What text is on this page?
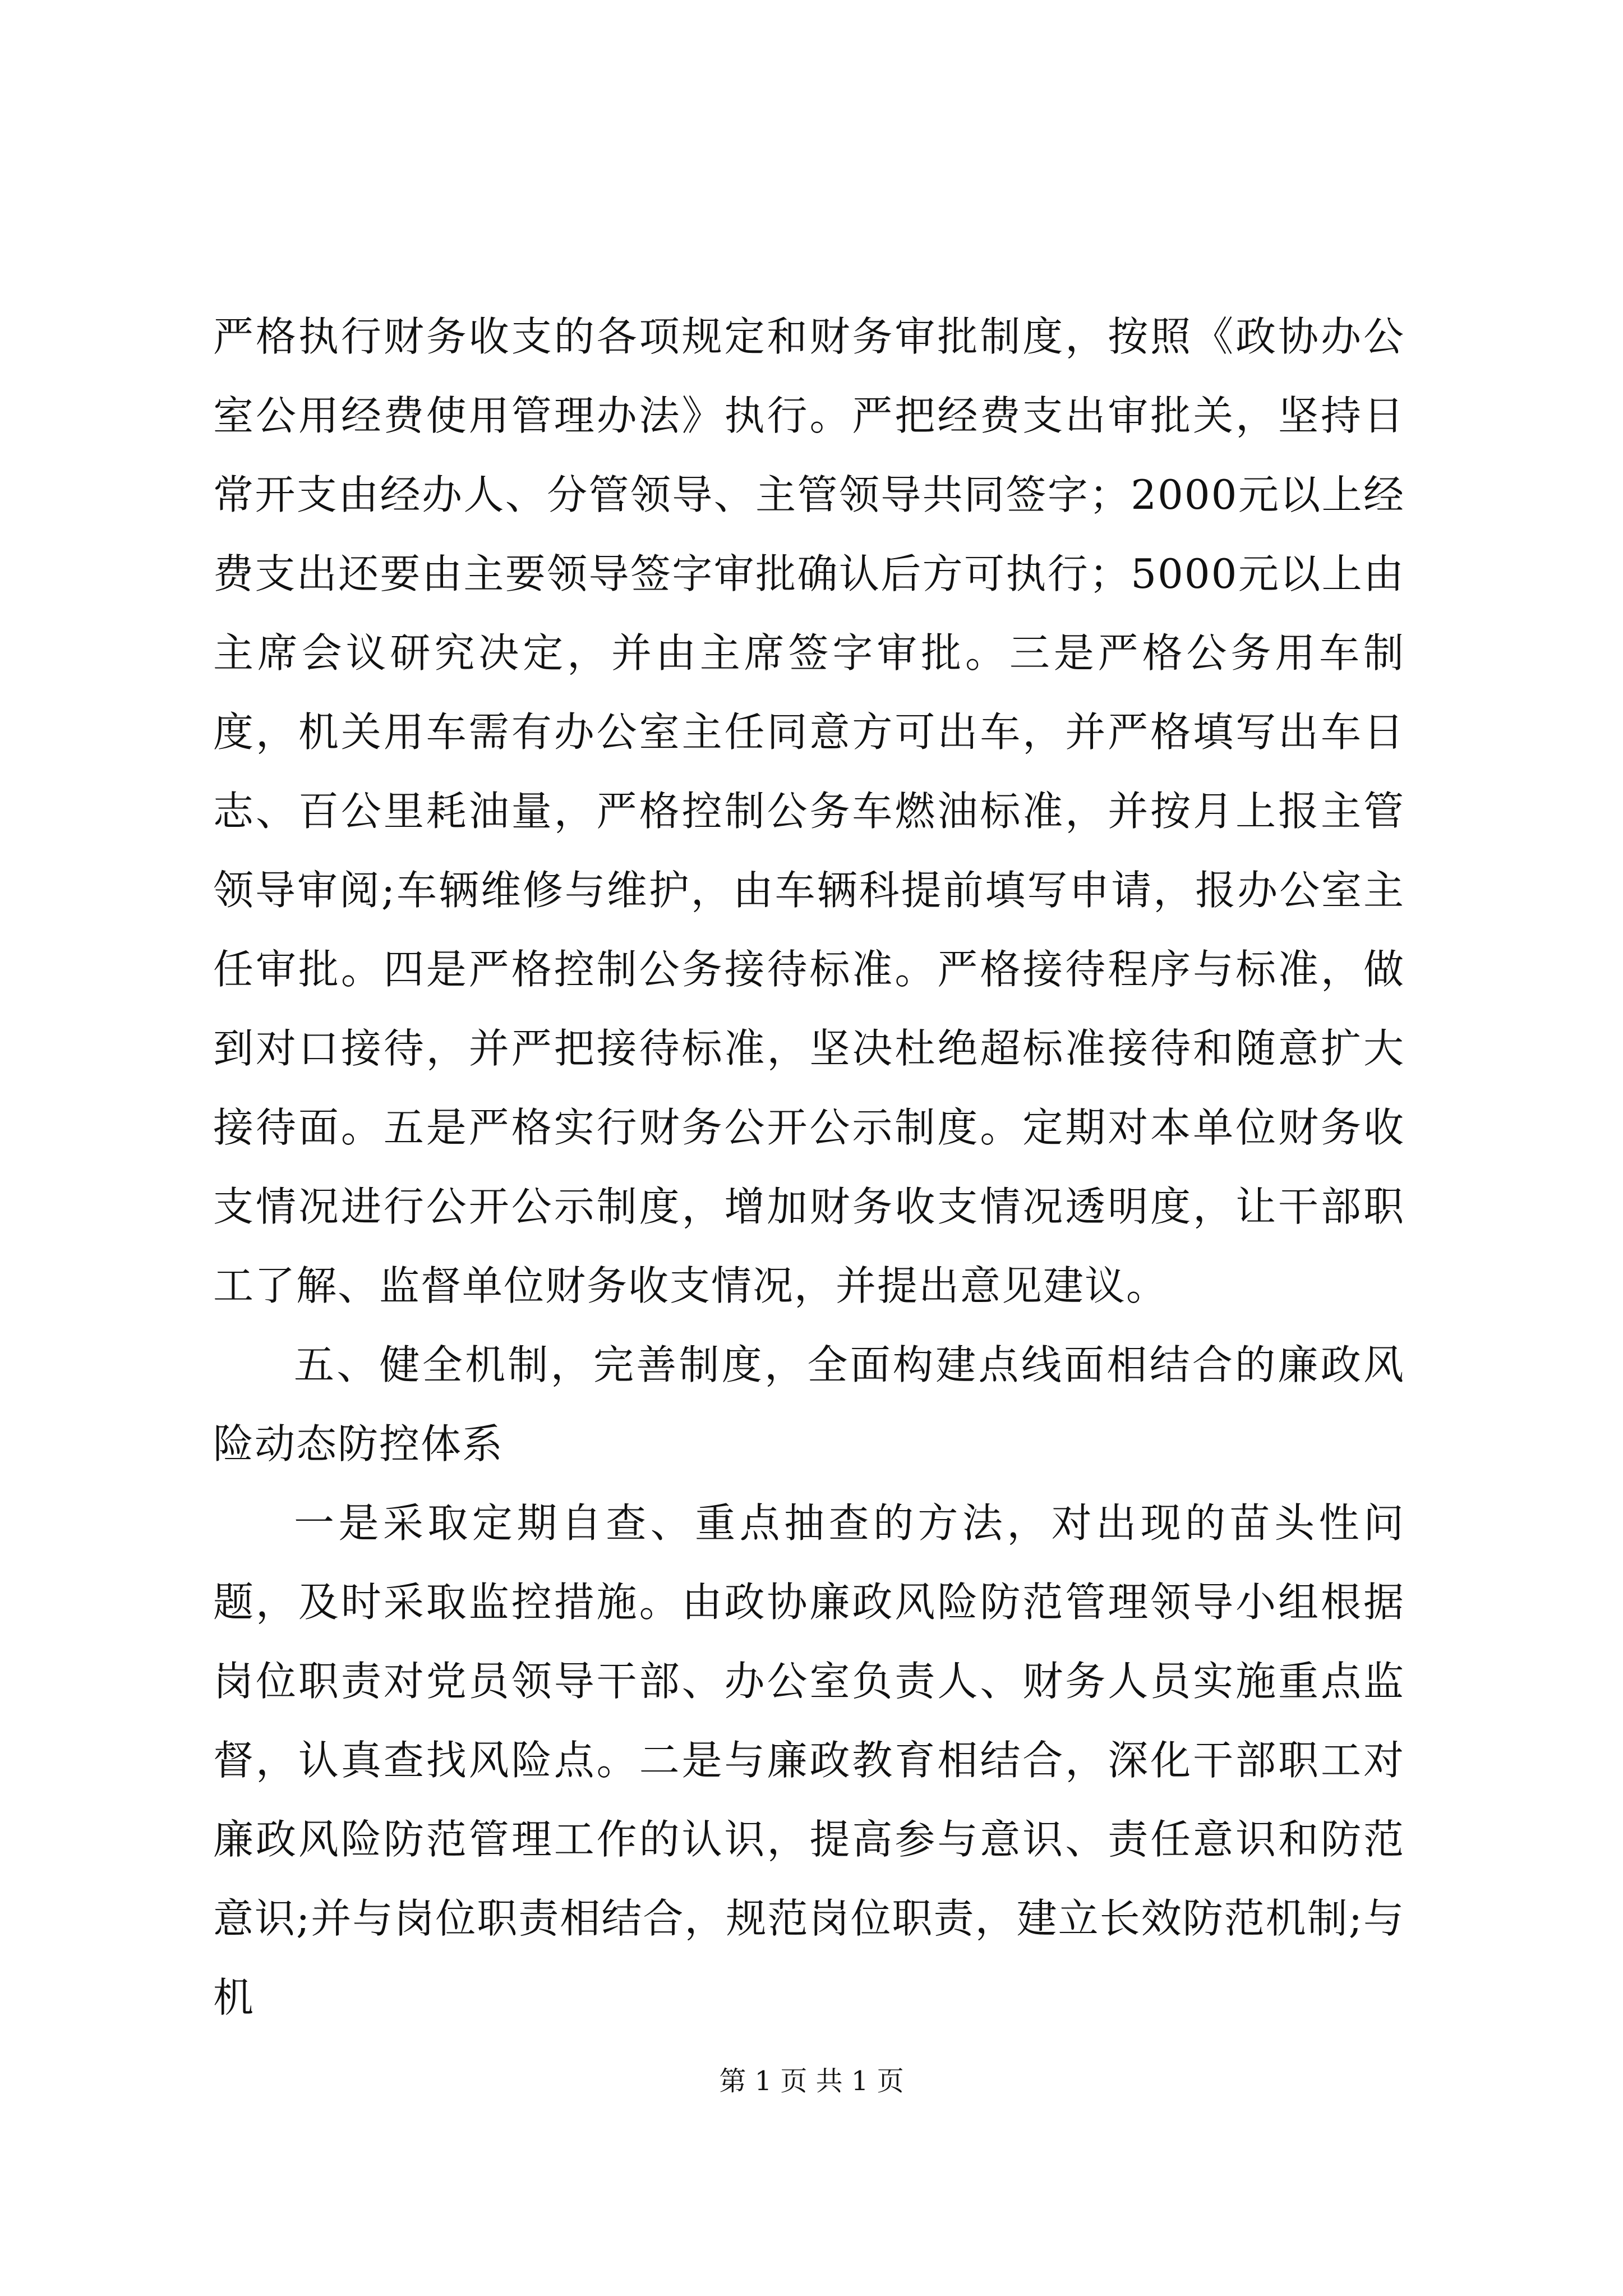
严格执行财务收支的各项规定和财务审批制度，按照《政协办公室公用经费使用管理办法》执行。严把经费支出审批关，坚持日常开支由经办人、分管领导、主管领导共同签字；2000元以上经费支出还要由主要领导签字审批确认后方可执行；5000元以上由主席会议研究决定，并由主席签字审批。三是严格公务用车制度，机关用车需有办公室主任同意方可出车，并严格填写出车日志、百公里耗油量，严格控制公务车燃油标准，并按月上报主管领导审阅;车辆维修与维护，由车辆科提前填写申请，报办公室主任审批。四是严格控制公务接待标准。严格接待程序与标准，做到对口接待，并严把接待标准，坚决杜绝超标准接待和随意扩大接待面。五是严格实行财务公开公示制度。定期对本单位财务收支情况进行公开公示制度，增加财务收支情况透明度，让干部职工了解、监督单位财务收支情况，并提出意见建议。

五、健全机制，完善制度，全面构建点线面相结合的廉政风险动态防控体系

一是采取定期自查、重点抽查的方法，对出现的苗头性问题，及时采取监控措施。由政协廉政风险防范管理领导小组根据岗位职责对党员领导干部、办公室负责人、财务人员实施重点监督，认真查找风险点。二是与廉政教育相结合，深化干部职工对廉政风险防范管理工作的认识，提高参与意识、责任意识和防范意识;并与岗位职责相结合，规范岗位职责，建立长效防范机制;与机

第 1 页 共 1 页
